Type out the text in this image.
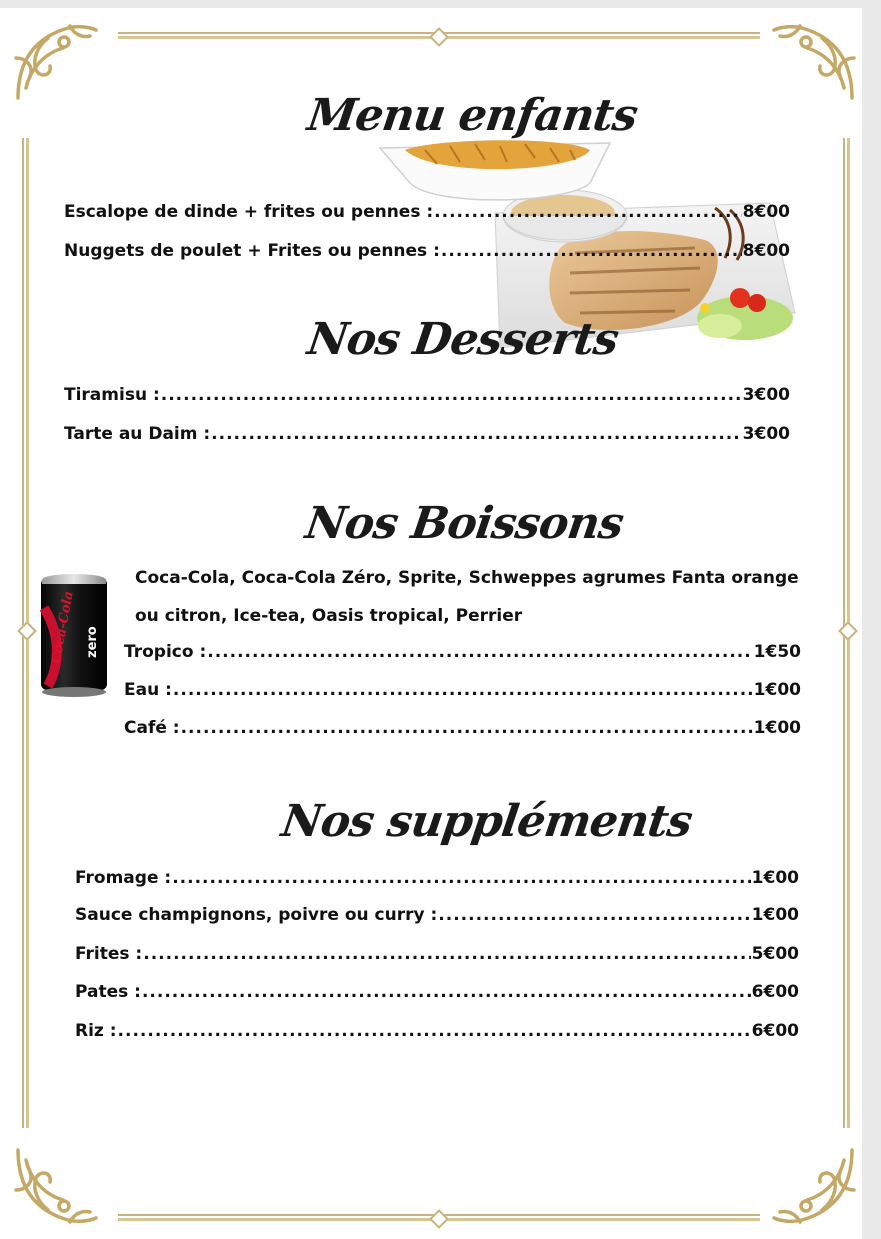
Menu enfants
Escalope de dinde + frites ou pennes : .....	8€00
Nuggets de poulet + Frites ou pennes : .....	8€00
Nos Desserts
Tiramisu : .....	3€00
Tarte au Daim : .....	3€00
Nos Boissons
Coca-Cola zero
Coca-Cola, Coca-Cola Zéro, Sprite, Schweppes agrumes Fanta orange
ou citron, Ice-tea, Oasis tropical, Perrier
Tropico : .....	1€50
Eau : .....	1€00
Café : .....	1€00
Nos suppléments
Fromage : .....	1€00
Sauce champignons, poivre ou curry : .....	1€00
Frites : .....	5€00
Pates : .....	6€00
Riz : .....	6€00
